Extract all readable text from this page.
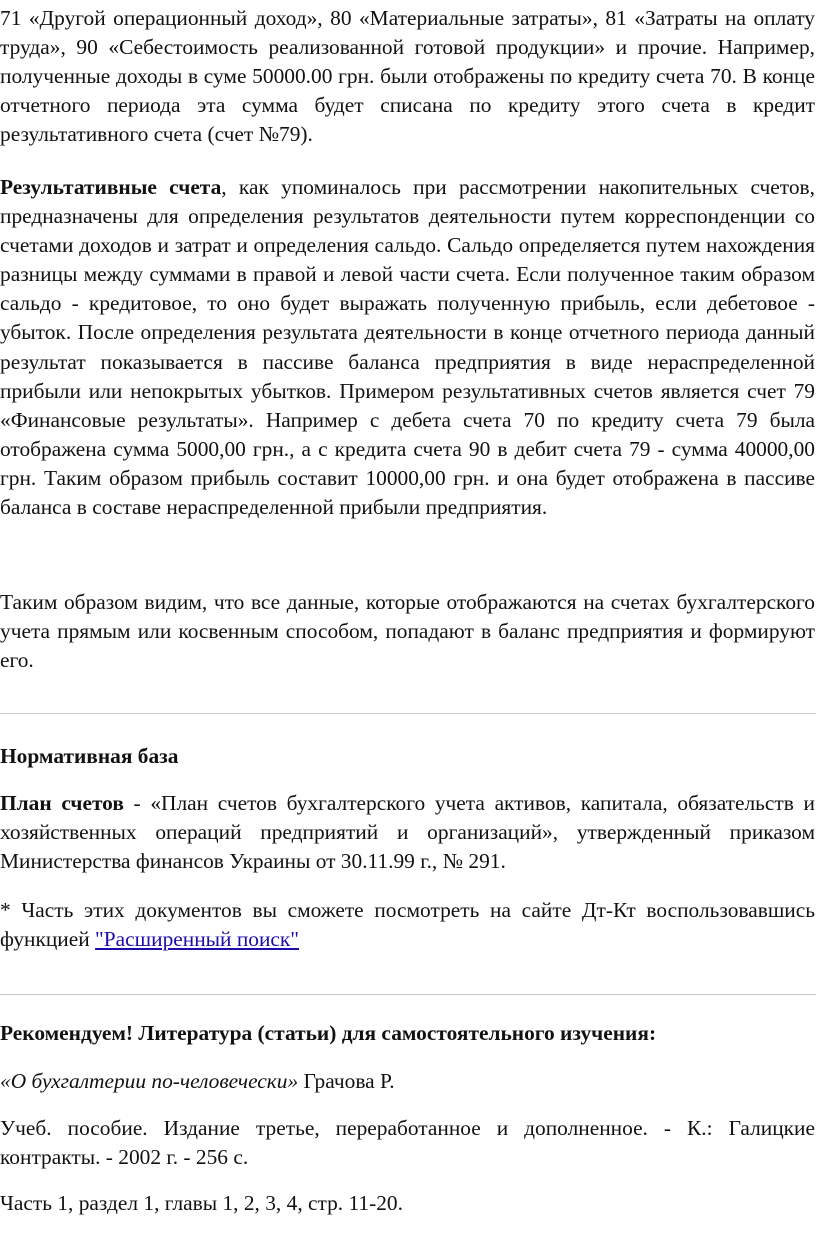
71 «Другой операционный доход», 80 «Материальные затраты», 81 «Затраты на оплату труда», 90 «Себестоимость реализованной готовой продукции» и прочие. Например, полученные доходы в суме 50000.00 грн. были отображены по кредиту счета 70. В конце отчетного периода эта сумма будет списана по кредиту этого счета в кредит результативного счета (счет №79).

Результативные счета, как упоминалось при рассмотрении накопительных счетов, предназначены для определения результатов деятельности путем корреспонденции со счетами доходов и затрат и определения сальдо. Сальдо определяется путем нахождения разницы между суммами в правой и левой части счета. Если полученное таким образом сальдо - кредитовое, то оно будет выражать полученную прибыль, если дебетовое - убыток. После определения результата деятельности в конце отчетного периода данный результат показывается в пассиве баланса предприятия в виде нераспределенной прибыли или непокрытых убытков. Примером результативных счетов является счет 79 «Финансовые результаты». Например с дебета счета 70 по кредиту счета 79 была отображена сумма 5000,00 грн., а с кредита счета 90 в дебит счета 79 - сумма 40000,00 грн. Таким образом прибыль составит 10000,00 грн. и она будет отображена в пассиве баланса в составе нераспределенной прибыли предприятия.

Таким образом видим, что все данные, которые отображаются на счетах бухгалтерского учета прямым или косвенным способом, попадают в баланс предприятия и формируют его.

Нормативная база

План счетов - «План счетов бухгалтерского учета активов, капитала, обязательств и хозяйственных операций предприятий и организаций», утвержденный приказом Министерства финансов Украины от 30.11.99 г., № 291.

* Часть этих документов вы сможете посмотреть на сайте Дт-Кт воспользовавшись функцией "Расширенный поиск"

Рекомендуем! Литература (статьи) для самостоятельного изучения:

«О бухгалтерии по-человечески» Грачова Р.

Учеб. пособие. Издание третье, переработанное и дополненное. - К.: Галицкие контракты. - 2002 г. - 256 с.

Часть 1, раздел 1, главы 1, 2, 3, 4, стр. 11-20.
